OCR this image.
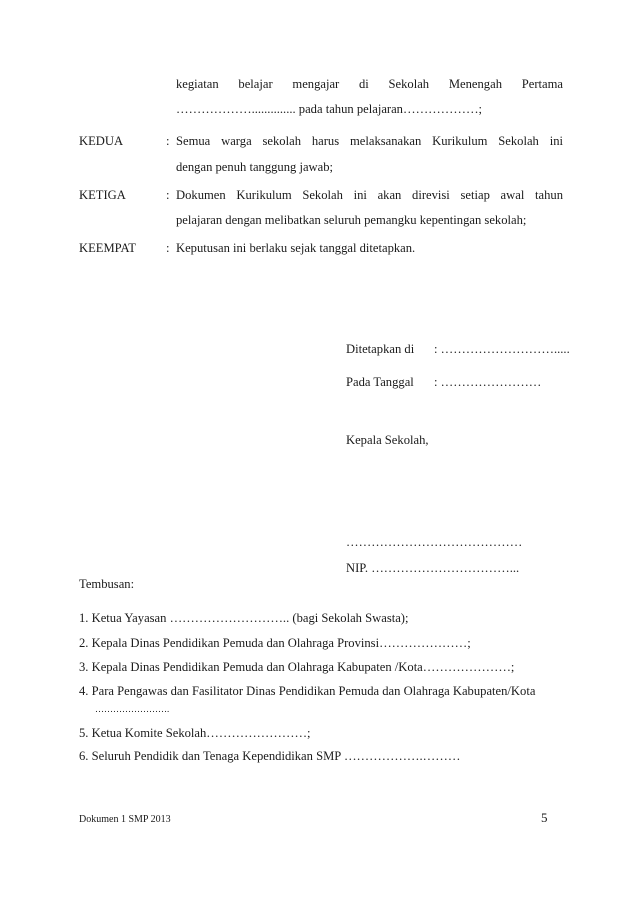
kegiatan belajar mengajar di Sekolah Menengah Pertama
……………….............. pada tahun pelajaran………………;
KEDUA	: Semua warga sekolah harus melaksanakan Kurikulum Sekolah ini
dengan penuh tanggung jawab;
KETIGA	: Dokumen Kurikulum Sekolah ini akan direvisi setiap awal tahun
pelajaran dengan melibatkan seluruh pemangku kepentingan sekolah;
KEEMPAT : Keputusan ini berlaku sejak tanggal ditetapkan.
Ditetapkan di : ……………………….....
Pada Tanggal : ……………………
Kepala Sekolah,
……………………………………
NIP. ……………………………...
Tembusan:
1. Ketua Yayasan ……………………….. (bagi Sekolah Swasta);
2. Kepala Dinas Pendidikan Pemuda dan Olahraga Provinsi…………………;
3. Kepala Dinas Pendidikan Pemuda dan Olahraga Kabupaten /Kota…………………;
4. Para Pengawas dan Fasilitator Dinas Pendidikan Pemuda dan Olahraga Kabupaten/Kota
…………………….
5. Ketua Komite Sekolah……………………;
6. Seluruh Pendidik dan Tenaga Kependidikan SMP ……………….………
Dokumen 1 SMP 2013	5
